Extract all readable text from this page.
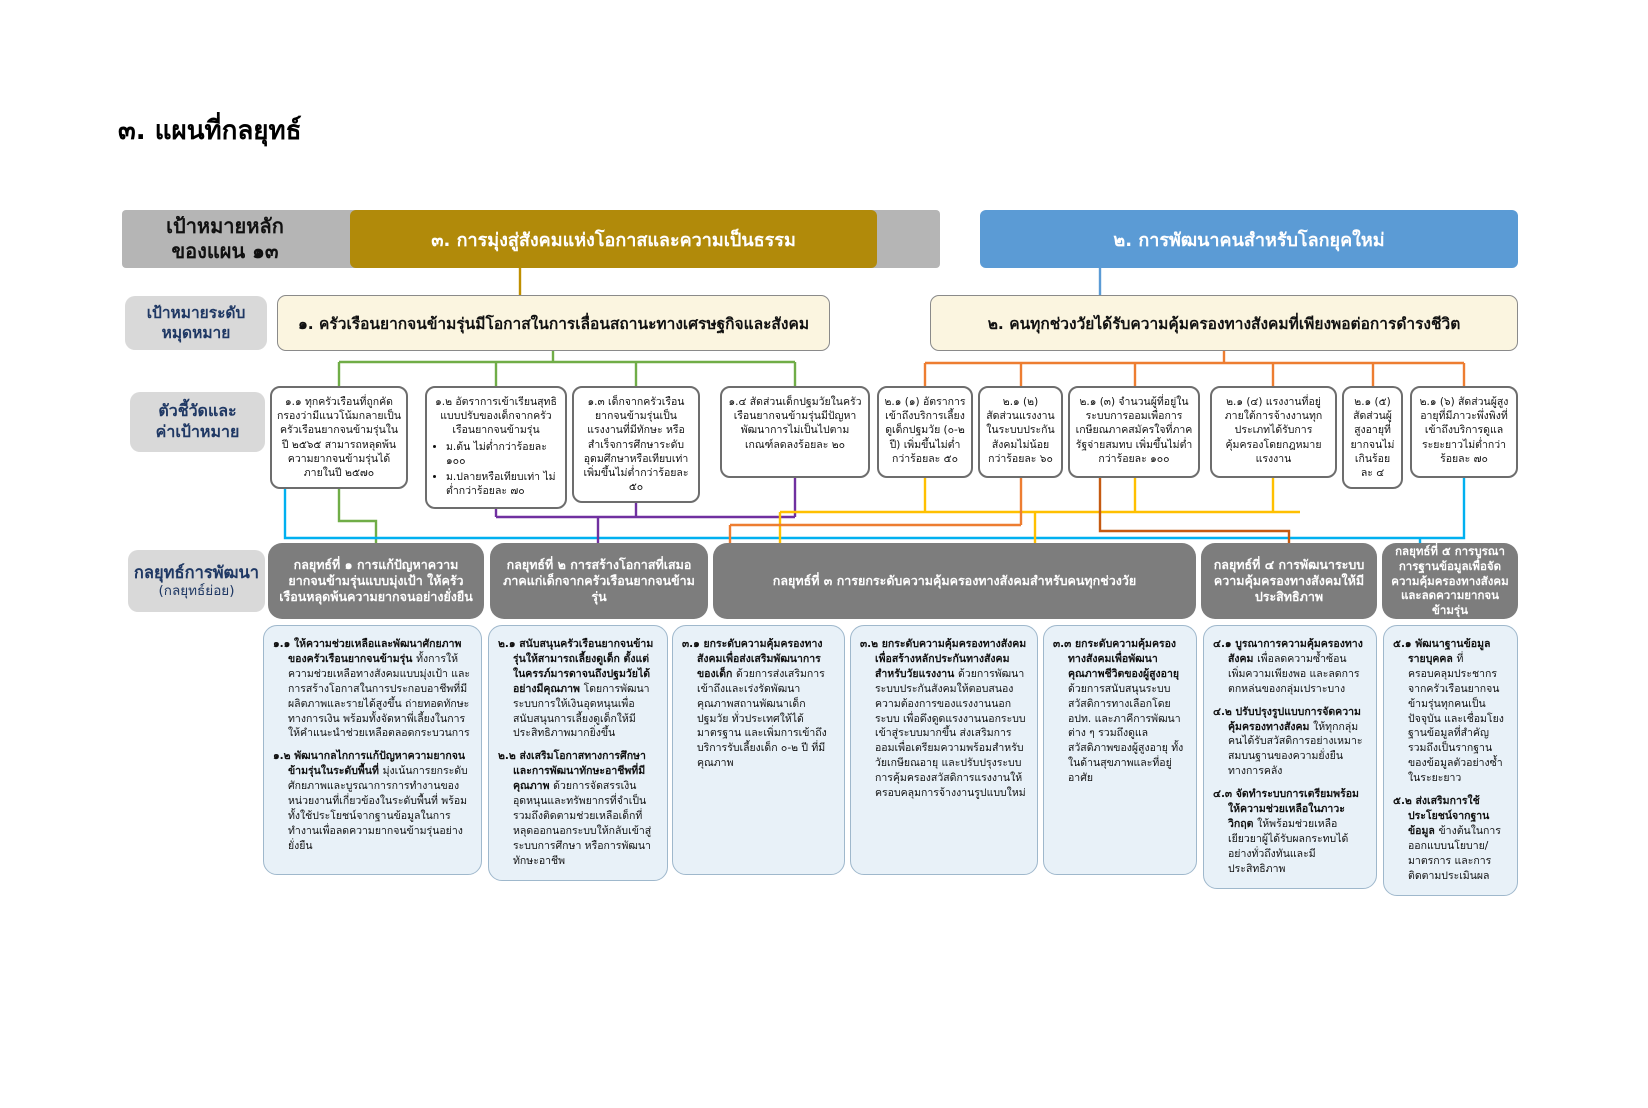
๓. แผนที่กลยุทธ์
เป้าหมายหลัก
ของแผน ๑๓	๓. การมุ่งสู่สังคมแห่งโอกาสและความเป็นธรรม	๒. การพัฒนาคนสำหรับโลกยุคใหม่
เป้าหมายระดับ
หมุดหมาย
๑. ครัวเรือนยากจนข้ามรุ่นมีโอกาสในการเลื่อนสถานะทางเศรษฐกิจและสังคม	๒. คนทุกช่วงวัยได้รับความคุ้มครองทางสังคมที่เพียงพอต่อการดำรงชีวิต
ตัวชี้วัดและ
ค่าเป้าหมาย
๑.๑ ทุกครัวเรือนที่ถูกคัดกรองว่ามีแนวโน้มกลายเป็นครัวเรือนยากจนข้ามรุ่นในปี ๒๕๖๕ สามารถหลุดพ้นความยากจนข้ามรุ่นได้ภายในปี ๒๕๗๐
๑.๒ อัตราการเข้าเรียนสุทธิแบบปรับของเด็กจากครัวเรือนยากจนข้ามรุ่น
• ม.ต้น ไม่ต่ำกว่าร้อยละ ๑๐๐
• ม.ปลายหรือเทียบเท่า ไม่ต่ำกว่าร้อยละ ๗๐
๑.๓ เด็กจากครัวเรือนยากจนข้ามรุ่นเป็นแรงงานที่มีทักษะ หรือสำเร็จการศึกษาระดับอุดมศึกษาหรือเทียบเท่า เพิ่มขึ้นไม่ต่ำกว่าร้อยละ ๕๐
๑.๔ สัดส่วนเด็กปฐมวัยในครัวเรือนยากจนข้ามรุ่นมีปัญหาพัฒนาการไม่เป็นไปตามเกณฑ์ลดลงร้อยละ ๒๐
๒.๑ (๑) อัตราการเข้าถึงบริการเลี้ยงดูเด็กปฐมวัย (๐-๒ ปี) เพิ่มขึ้นไม่ต่ำกว่าร้อยละ ๕๐
๒.๑ (๒) สัดส่วนแรงงานในระบบประกันสังคมไม่น้อยกว่าร้อยละ ๖๐
๒.๑ (๓) จำนวนผู้ที่อยู่ในระบบการออมเพื่อการเกษียณภาคสมัครใจที่ภาครัฐจ่ายสมทบ เพิ่มขึ้นไม่ต่ำกว่าร้อยละ ๑๐๐
๒.๑ (๔) แรงงานที่อยู่ภายใต้การจ้างงานทุกประเภทได้รับการคุ้มครองโดยกฎหมายแรงงาน
๒.๑ (๕) สัดส่วนผู้สูงอายุที่ยากจนไม่เกินร้อยละ ๔
๒.๑ (๖) สัดส่วนผู้สูงอายุที่มีภาวะพึ่งพิงที่เข้าถึงบริการดูแลระยะยาวไม่ต่ำกว่าร้อยละ ๗๐
กลยุทธ์การพัฒนา
(กลยุทธ์ย่อย)
กลยุทธ์ที่ ๑ การแก้ปัญหาความยากจนข้ามรุ่นแบบมุ่งเป้า ให้ครัวเรือนหลุดพ้นความยากจนอย่างยั่งยืน
กลยุทธ์ที่ ๒ การสร้างโอกาสที่เสมอภาคแก่เด็กจากครัวเรือนยากจนข้ามรุ่น
กลยุทธ์ที่ ๓ การยกระดับความคุ้มครองทางสังคมสำหรับคนทุกช่วงวัย
กลยุทธ์ที่ ๔ การพัฒนาระบบความคุ้มครองทางสังคมให้มีประสิทธิภาพ
กลยุทธ์ที่ ๕ การบูรณาการฐานข้อมูลเพื่อจัดความคุ้มครองทางสังคมและลดความยากจนข้ามรุ่น

๑.๑ ให้ความช่วยเหลือและพัฒนาศักยภาพของครัวเรือนยากจนข้ามรุ่น ทั้งการให้ความช่วยเหลือทางสังคมแบบมุ่งเป้า และการสร้างโอกาสในการประกอบอาชีพที่มีผลิตภาพและรายได้สูงขึ้น ถ่ายทอดทักษะทางการเงิน พร้อมทั้งจัดหาพี่เลี้ยงในการให้คำแนะนำช่วยเหลือตลอดกระบวนการ

๑.๒ พัฒนากลไกการแก้ปัญหาความยากจนข้ามรุ่นในระดับพื้นที่ มุ่งเน้นการยกระดับศักยภาพและบูรณาการการทำงานของหน่วยงานที่เกี่ยวข้องในระดับพื้นที่ พร้อมทั้งใช้ประโยชน์จากฐานข้อมูลในการทำงานเพื่อลดความยากจนข้ามรุ่นอย่างยั่งยืน

๒.๑ สนับสนุนครัวเรือนยากจนข้ามรุ่นให้สามารถเลี้ยงดูเด็ก ตั้งแต่ในครรภ์มารดาจนถึงปฐมวัยได้อย่างมีคุณภาพ โดยการพัฒนาระบบการให้เงินอุดหนุนเพื่อสนับสนุนการเลี้ยงดูเด็กให้มีประสิทธิภาพมากยิ่งขึ้น

๒.๒ ส่งเสริมโอกาสทางการศึกษาและการพัฒนาทักษะอาชีพที่มีคุณภาพ ด้วยการจัดสรรเงินอุดหนุนและทรัพยากรที่จำเป็น รวมถึงติดตามช่วยเหลือเด็กที่หลุดออกนอกระบบให้กลับเข้าสู่ระบบการศึกษา หรือการพัฒนาทักษะอาชีพ

๓.๑ ยกระดับความคุ้มครองทางสังคมเพื่อส่งเสริมพัฒนาการของเด็ก ด้วยการส่งเสริมการเข้าถึงและเร่งรัดพัฒนาคุณภาพสถานพัฒนาเด็กปฐมวัย ทั่วประเทศให้ได้มาตรฐาน และเพิ่มการเข้าถึงบริการรับเลี้ยงเด็ก ๐-๒ ปี ที่มีคุณภาพ

๓.๒ ยกระดับความคุ้มครองทางสังคมเพื่อสร้างหลักประกันทางสังคมสำหรับวัยแรงงาน ด้วยการพัฒนาระบบประกันสังคมให้ตอบสนองความต้องการของแรงงานนอกระบบ เพื่อดึงดูดแรงงานนอกระบบเข้าสู่ระบบมากขึ้น ส่งเสริมการออมเพื่อเตรียมความพร้อมสำหรับวัยเกษียณอายุ และปรับปรุงระบบการคุ้มครองสวัสดิการแรงงานให้ครอบคลุมการจ้างงานรูปแบบใหม่

๓.๓ ยกระดับความคุ้มครองทางสังคมเพื่อพัฒนาคุณภาพชีวิตของผู้สูงอายุด้วยการสนับสนุนระบบสวัสดิการทางเลือกโดย อปท. และภาคีการพัฒนาต่าง ๆ รวมถึงดูแลสวัสดิภาพของผู้สูงอายุ ทั้งในด้านสุขภาพและที่อยู่อาศัย

๔.๑ บูรณาการความคุ้มครองทางสังคม เพื่อลดความซ้ำซ้อน เพิ่มความเพียงพอ และลดการตกหล่นของกลุ่มเปราะบาง

๔.๒ ปรับปรุงรูปแบบการจัดความคุ้มครองทางสังคม ให้ทุกกลุ่มคนได้รับสวัสดิการอย่างเหมาะสมบนฐานของความยั่งยืนทางการคลัง

๔.๓ จัดทำระบบการเตรียมพร้อมให้ความช่วยเหลือในภาวะวิกฤต ให้พร้อมช่วยเหลือเยียวยาผู้ได้รับผลกระทบได้อย่างทั่วถึงทันและมีประสิทธิภาพ

๕.๑ พัฒนาฐานข้อมูลรายบุคคล ที่ครอบคลุมประชากรจากครัวเรือนยากจนข้ามรุ่นทุกคนเป็นปัจจุบัน และเชื่อมโยงฐานข้อมูลที่สำคัญ รวมถึงเป็นรากฐานของข้อมูลตัวอย่างซ้ำในระยะยาว

๕.๒ ส่งเสริมการใช้ประโยชน์จากฐานข้อมูล ข้างต้นในการออกแบบนโยบาย/มาตรการ และการติดตามประเมินผล
